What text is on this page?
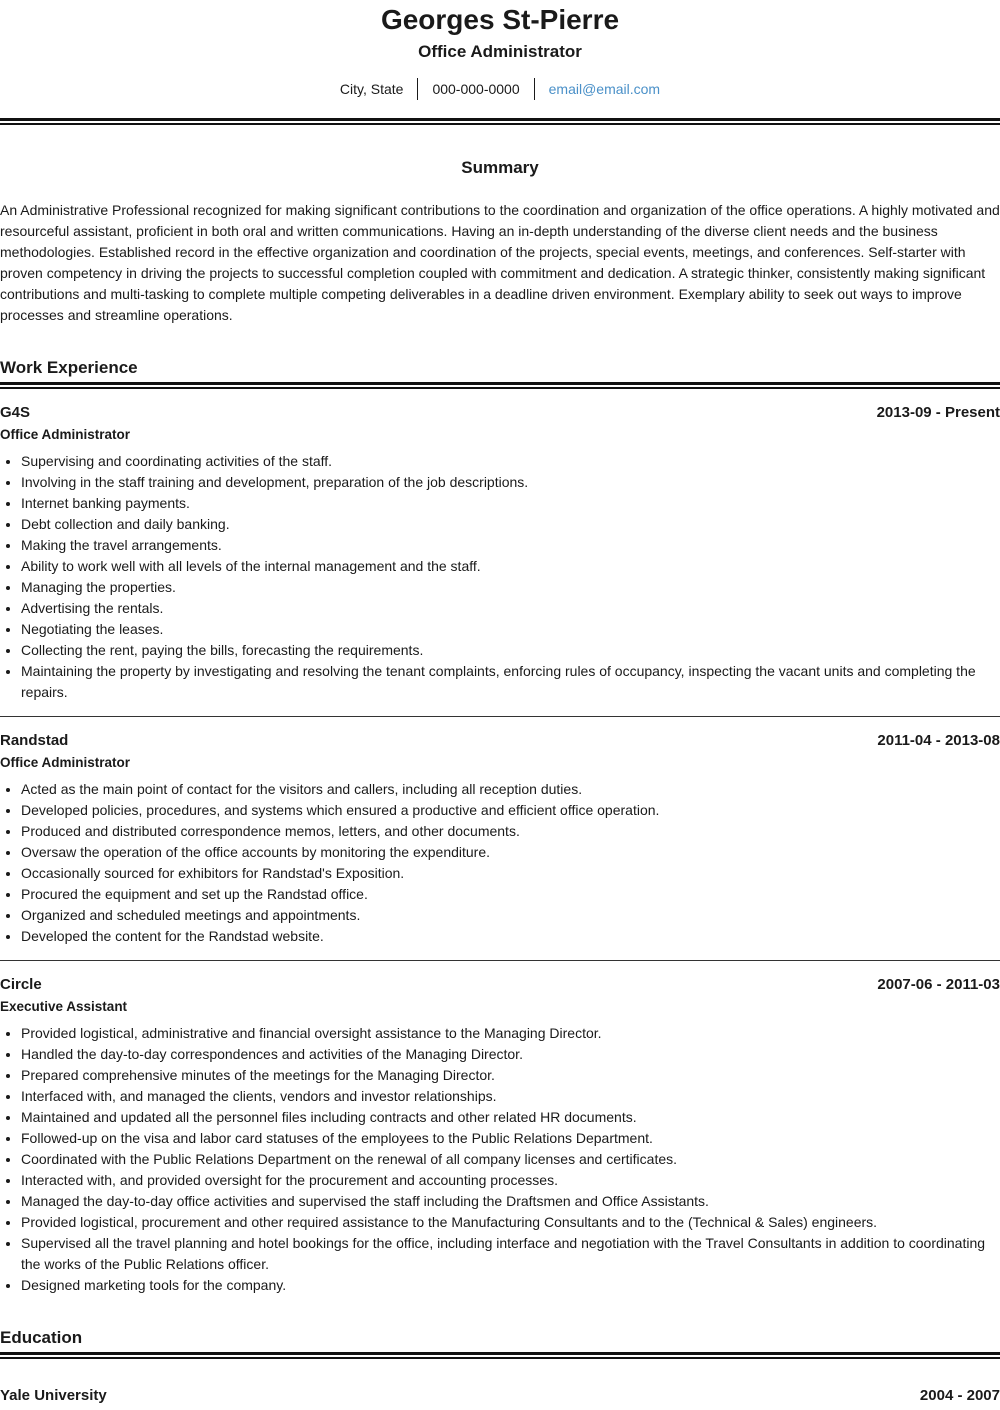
Georges St-Pierre
Office Administrator
City, State	000-000-0000	email@email.com
Summary
An Administrative Professional recognized for making significant contributions to the coordination and organization of the office operations. A highly motivated and resourceful assistant, proficient in both oral and written communications. Having an in-depth understanding of the diverse client needs and the business methodologies. Established record in the effective organization and coordination of the projects, special events, meetings, and conferences. Self-starter with proven competency in driving the projects to successful completion coupled with commitment and dedication. A strategic thinker, consistently making significant contributions and multi-tasking to complete multiple competing deliverables in a deadline driven environment. Exemplary ability to seek out ways to improve processes and streamline operations.
Work Experience
G4S	2013-09 - Present
Office Administrator
• Supervising and coordinating activities of the staff.
• Involving in the staff training and development, preparation of the job descriptions.
• Internet banking payments.
• Debt collection and daily banking.
• Making the travel arrangements.
• Ability to work well with all levels of the internal management and the staff.
• Managing the properties.
• Advertising the rentals.
• Negotiating the leases.
• Collecting the rent, paying the bills, forecasting the requirements.
• Maintaining the property by investigating and resolving the tenant complaints, enforcing rules of occupancy, inspecting the vacant units and completing the repairs.
Randstad	2011-04 - 2013-08
Office Administrator
• Acted as the main point of contact for the visitors and callers, including all reception duties.
• Developed policies, procedures, and systems which ensured a productive and efficient office operation.
• Produced and distributed correspondence memos, letters, and other documents.
• Oversaw the operation of the office accounts by monitoring the expenditure.
• Occasionally sourced for exhibitors for Randstad's Exposition.
• Procured the equipment and set up the Randstad office.
• Organized and scheduled meetings and appointments.
• Developed the content for the Randstad website.
Circle	2007-06 - 2011-03
Executive Assistant
• Provided logistical, administrative and financial oversight assistance to the Managing Director.
• Handled the day-to-day correspondences and activities of the Managing Director.
• Prepared comprehensive minutes of the meetings for the Managing Director.
• Interfaced with, and managed the clients, vendors and investor relationships.
• Maintained and updated all the personnel files including contracts and other related HR documents.
• Followed-up on the visa and labor card statuses of the employees to the Public Relations Department.
• Coordinated with the Public Relations Department on the renewal of all company licenses and certificates.
• Interacted with, and provided oversight for the procurement and accounting processes.
• Managed the day-to-day office activities and supervised the staff including the Draftsmen and Office Assistants.
• Provided logistical, procurement and other required assistance to the Manufacturing Consultants and to the (Technical & Sales) engineers.
• Supervised all the travel planning and hotel bookings for the office, including interface and negotiation with the Travel Consultants in addition to coordinating the works of the Public Relations officer.
• Designed marketing tools for the company.
Education
Yale University	2004 - 2007
